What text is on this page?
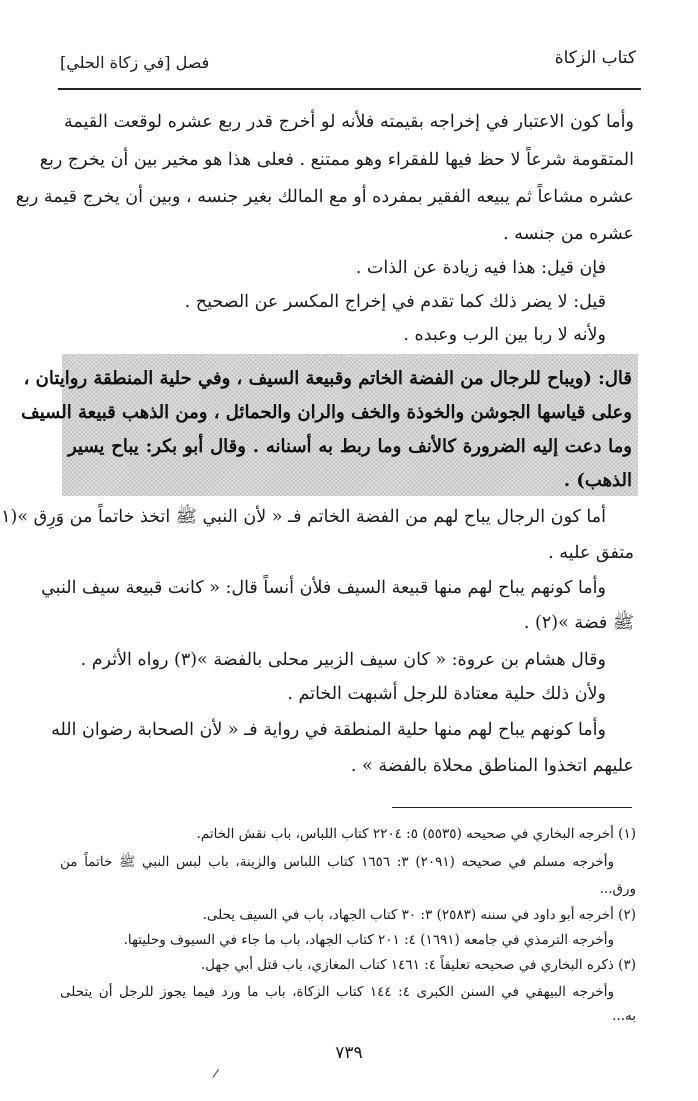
كتاب الزكاة
فصل [في زكاة الحلي]
وأما كون الاعتبار في إخراجه بقيمته فلأنه لو أخرج قدر ربع عشره لوقعت القيمة
المتقومة شرعاً لا حظ فيها للفقراء وهو ممتنع . فعلى هذا هو مخير بين أن يخرج ربع
عشره مشاعاً ثم يبيعه الفقير بمفرده أو مع المالك بغير جنسه ، وبين أن يخرج قيمة ربع
عشره من جنسه .
فإن قيل: هذا فيه زيادة عن الذات .
قيل: لا يضر ذلك كما تقدم في إخراج المكسر عن الصحيح .
ولأنه لا ربا بين الرب وعبده .
قال: (ويباح للرجال من الفضة الخاتم وقبيعة السيف ، وفي حلية المنطقة روايتان ،
وعلى قياسها الجوشن والخوذة والخف والران والحمائل ، ومن الذهب قبيعة السيف
وما دعت إليه الضرورة كالأنف وما ربط به أسنانه . وقال أبو بكر: يباح يسير
الذهب) .
أما كون الرجال يباح لهم من الفضة الخاتم فـ « لأن النبي ﷺ اتخذ خاتماً من وَرِق »(١
متفق عليه .
وأما كونهم يباح لهم منها قبيعة السيف فلأن أنساً قال: « كانت قبيعة سيف النبي
ﷺ فضة »(٢) .
وقال هشام بن عروة: « كان سيف الزبير محلى بالفضة »(٣) رواه الأثرم .
ولأن ذلك حلية معتادة للرجل أشبهت الخاتم .
وأما كونهم يباح لهم منها حلية المنطقة في رواية فـ « لأن الصحابة رضوان الله
عليهم اتخذوا المناطق محلاة بالفضة » .
(١) أخرجه البخاري في صحيحه (٥٥٣٥) ٥: ٢٢٠٤ كتاب اللباس، باب نقش الخاتم.
وأخرجه مسلم في صحيحه (٢٠٩١) ٣: ١٦٥٦ كتاب اللباس والزينة، باب لبس النبي ﷺ خاتماً من
ورق...
(٢) أخرجه أبو داود في سننه (٢٥٨٣) ٣: ٣٠ كتاب الجهاد، باب في السيف يحلى.
وأخرجه الترمذي في جامعه (١٦٩١) ٤: ٢٠١ كتاب الجهاد، باب ما جاء في السيوف وحليتها.
(٣) ذكره البخاري في صحيحه تعليقاً ٤: ١٤٦١ كتاب المغازي، باب قتل أبي جهل.
وأخرجه البيهقي في السنن الكبرى ٤: ١٤٤ كتاب الزكاة، باب ما ورد فيما يجوز للرجل أن يتحلى
به...
٧٣٩
